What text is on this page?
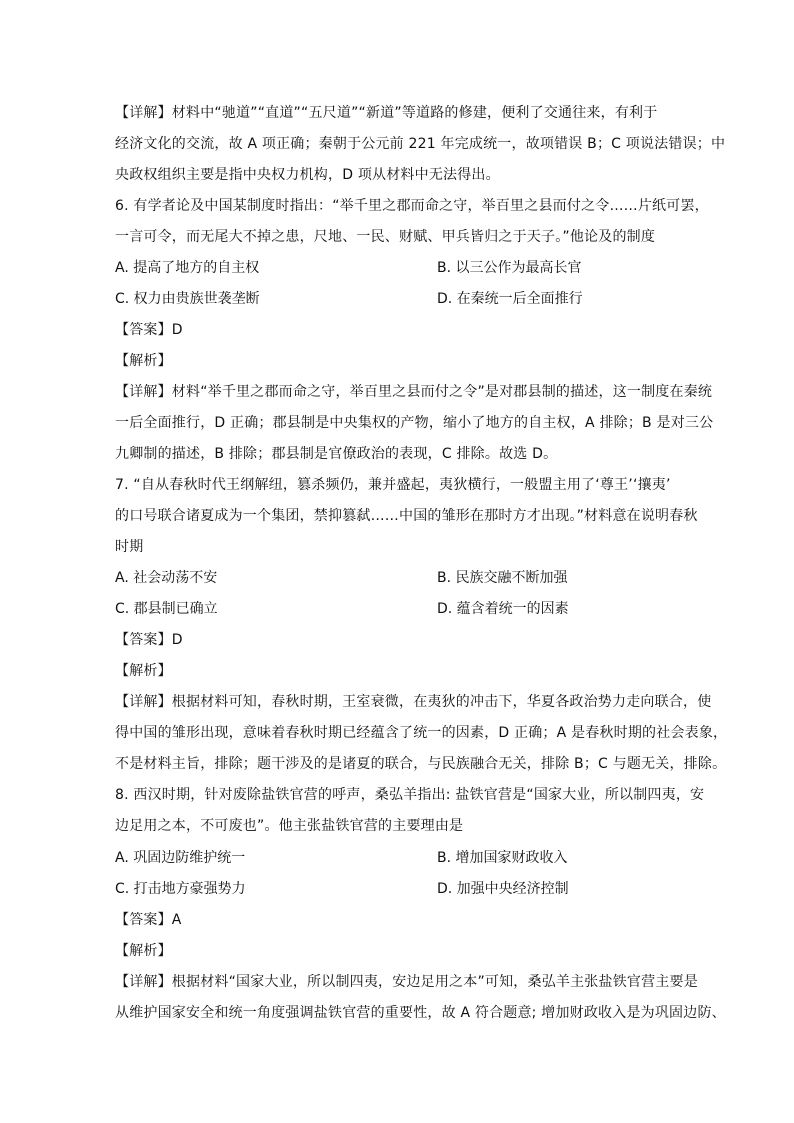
【详解】材料中“驰道”“直道”“五尺道”“新道”等道路的修建，便利了交通往来，有利于
经济文化的交流，故 A 项正确；秦朝于公元前 221 年完成统一，故项错误 B；C 项说法错误；中
央政权组织主要是指中央权力机构，D 项从材料中无法得出。
6. 有学者论及中国某制度时指出：“举千里之郡而命之守，举百里之县而付之令……片纸可罢，
一言可令，而无尾大不掉之患，尺地、一民、财赋、甲兵皆归之于天子。”他论及的制度
A. 提高了地方的自主权	B. 以三公作为最高长官
C. 权力由贵族世袭垄断	D. 在秦统一后全面推行
【答案】D
【解析】
【详解】材料“举千里之郡而命之守，举百里之县而付之令”是对郡县制的描述，这一制度在秦统
一后全面推行，D 正确；郡县制是中央集权的产物，缩小了地方的自主权，A 排除；B 是对三公
九卿制的描述，B 排除；郡县制是官僚政治的表现，C 排除。故选 D。
7. “自从春秋时代王纲解纽，篡杀频仍，兼并盛起，夷狄横行，一般盟主用了‘尊王’‘攘夷’
的口号联合诸夏成为一个集团，禁抑篡弑……中国的雏形在那时方才出现。”材料意在说明春秋
时期
A. 社会动荡不安	B. 民族交融不断加强
C. 郡县制已确立	D. 蕴含着统一的因素
【答案】D
【解析】
【详解】根据材料可知，春秋时期，王室衰微，在夷狄的冲击下，华夏各政治势力走向联合，使
得中国的雏形出现，意味着春秋时期已经蕴含了统一的因素，D 正确；A 是春秋时期的社会表象，
不是材料主旨，排除；题干涉及的是诸夏的联合，与民族融合无关，排除 B；C 与题无关，排除。
8. 西汉时期，针对废除盐铁官营的呼声，桑弘羊指出: 盐铁官营是“国家大业，所以制四夷，安
边足用之本，不可废也”。他主张盐铁官营的主要理由是
A. 巩固边防维护统一	B. 增加国家财政收入
C. 打击地方豪强势力	D. 加强中央经济控制
【答案】A
【解析】
【详解】根据材料“国家大业，所以制四夷，安边足用之本”可知，桑弘羊主张盐铁官营主要是
从维护国家安全和统一角度强调盐铁官营的重要性，故 A 符合题意; 增加财政收入是为巩固边防、
